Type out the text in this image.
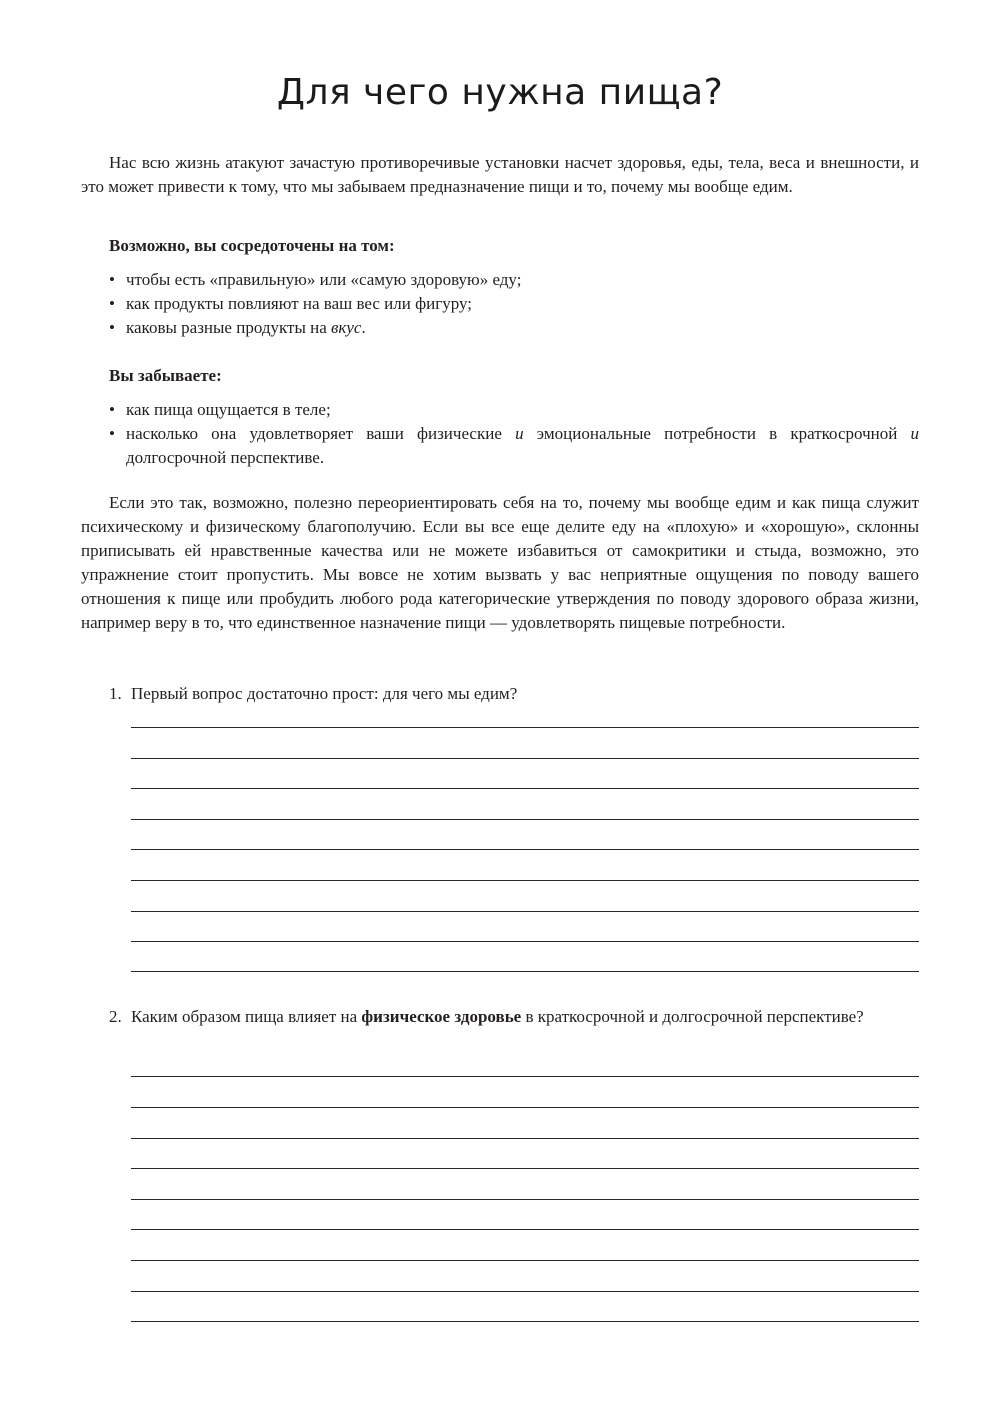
Для чего нужна пища?

Нас всю жизнь атакуют зачастую противоречивые установки насчет здоровья, еды, тела, веса и внешности, и это может привести к тому, что мы забываем предназначение пищи и то, почему мы вообще едим.

Возможно, вы сосредоточены на том:

• чтобы есть «правильную» или «самую здоровую» еду;
• как продукты повлияют на ваш вес или фигуру;
• каковы разные продукты на вкус.

Вы забываете:

• как пища ощущается в теле;
• насколько она удовлетворяет ваши физические и эмоциональные потребности в краткосрочной и долгосрочной перспективе.

Если это так, возможно, полезно переориентировать себя на то, почему мы вообще едим и как пища служит психическому и физическому благополучию. Если вы все еще делите еду на «плохую» и «хорошую», склонны приписывать ей нравственные качества или не можете избавиться от самокритики и стыда, возможно, это упражнение стоит пропустить. Мы вовсе не хотим вызвать у вас неприятные ощущения по поводу вашего отношения к пище или пробудить любого рода категорические утверждения по поводу здорового образа жизни, например веру в то, что единственное назначение пищи — удовлетворять пищевые потребности.

1. Первый вопрос достаточно прост: для чего мы едим?
2. Каким образом пища влияет на физическое здоровье в краткосрочной и долгосрочной перспективе?
